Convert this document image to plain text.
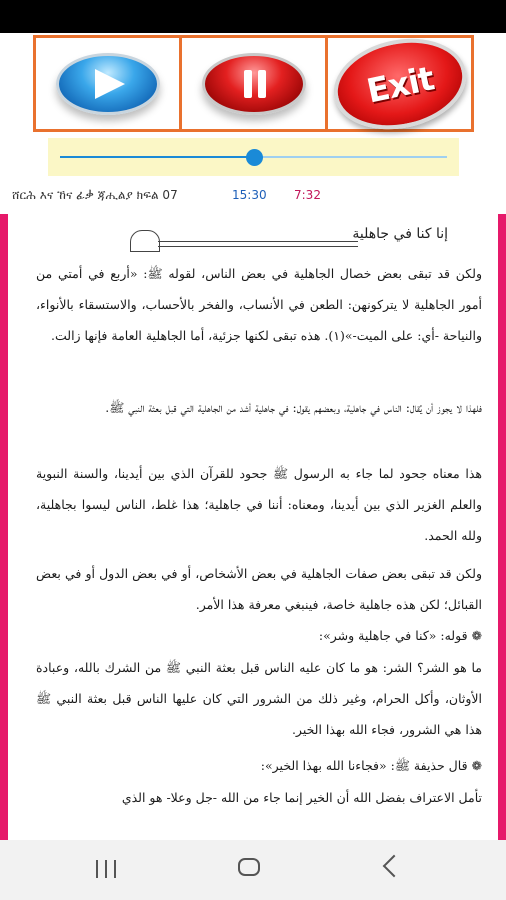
Exit
ሸርሕ እና ኸና ፊቃ ጃሒልያ ክፍል 07	15:30 7:32
إنا كنا في جاهلية
ولكن قد تبقى بعض خصال الجاهلية في بعض الناس، لقوله ﷺ: «أربع في أمتي من أمور الجاهلية لا يتركونهن: الطعن في الأنساب، والفخر بالأحساب، والاستسقاء بالأنواء، والنياحة -أي: على الميت-»(١). هذه تبقى لكنها جزئية، أما الجاهلية العامة فإنها زالت.
فلهذا لا يجوز أن يُقال: الناس في جاهلية، وبعضهم يقول: في جاهلية أشد من الجاهلية التي قبل بعثة النبي ﷺ.
هذا معناه جحود لما جاء به الرسول ﷺ جحود للقرآن الذي بين أيدينا، والسنة النبوية والعلم الغزير الذي بين أيدينا، ومعناه: أننا في جاهلية؛ هذا غلط، الناس ليسوا بجاهلية، ولله الحمد.
ولكن قد تبقى بعض صفات الجاهلية في بعض الأشخاص، أو في بعض الدول أو في بعض القبائل؛ لكن هذه جاهلية خاصة، فينبغي معرفة هذا الأمر.
❁ قوله: «كنا في جاهلية وشر»:
ما هو الشر؟ الشر: هو ما كان عليه الناس قبل بعثة النبي ﷺ من الشرك بالله، وعبادة الأوثان، وأكل الحرام، وغير ذلك من الشرور التي كان عليها الناس قبل بعثة النبي ﷺ هذا هي الشرور، فجاء الله بهذا الخير.
❁ قال حذيفة ﷺ: «فجاءنا الله بهذا الخير»:
تأمل الاعتراف بفضل الله أن الخير إنما جاء من الله -جل وعلا- هو الذي
